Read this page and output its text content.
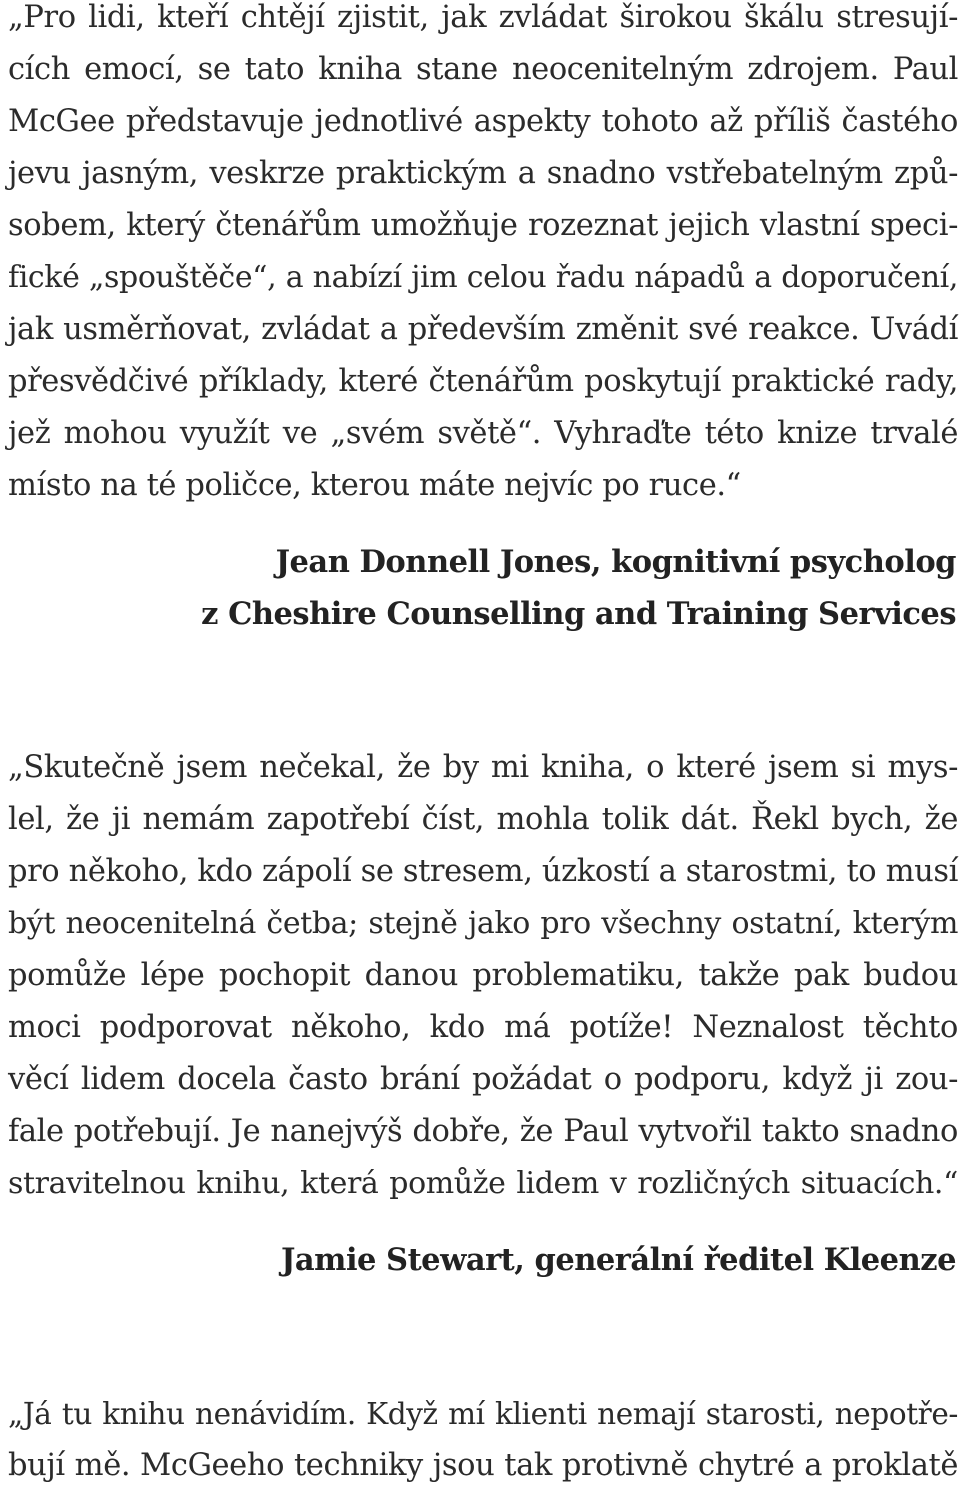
„Pro lidi, kteří chtějí zjistit, jak zvládat širokou škálu stresují-
cích emocí, se tato kniha stane neocenitelným zdrojem. Paul
McGee představuje jednotlivé aspekty tohoto až příliš častého
jevu jasným, veskrze praktickým a snadno vstřebatelným způ-
sobem, který čtenářům umožňuje rozeznat jejich vlastní speci-
fické „spouštěče“, a nabízí jim celou řadu nápadů a doporučení,
jak usměrňovat, zvládat a především změnit své reakce. Uvádí
přesvědčivé příklady, které čtenářům poskytují praktické rady,
jež mohou využít ve „svém světě“. Vyhraďte této knize trvalé
místo na té poličce, kterou máte nejvíc po ruce.“
Jean Donnell Jones, kognitivní psycholog
z Cheshire Counselling and Training Services
„Skutečně jsem nečekal, že by mi kniha, o které jsem si mys-
lel, že ji nemám zapotřebí číst, mohla tolik dát. Řekl bych, že
pro někoho, kdo zápolí se stresem, úzkostí a starostmi, to musí
být neocenitelná četba; stejně jako pro všechny ostatní, kterým
pomůže lépe pochopit danou problematiku, takže pak budou
moci podporovat někoho, kdo má potíže! Neznalost těchto
věcí lidem docela často brání požádat o podporu, když ji zou-
fale potřebují. Je nanejvýš dobře, že Paul vytvořil takto snadno
stravitelnou knihu, která pomůže lidem v rozličných situacích.“
Jamie Stewart, generální ředitel Kleenze
„Já tu knihu nenávidím. Když mí klienti nemají starosti, nepotře-
bují mě. McGeeho techniky jsou tak protivně chytré a proklatě
